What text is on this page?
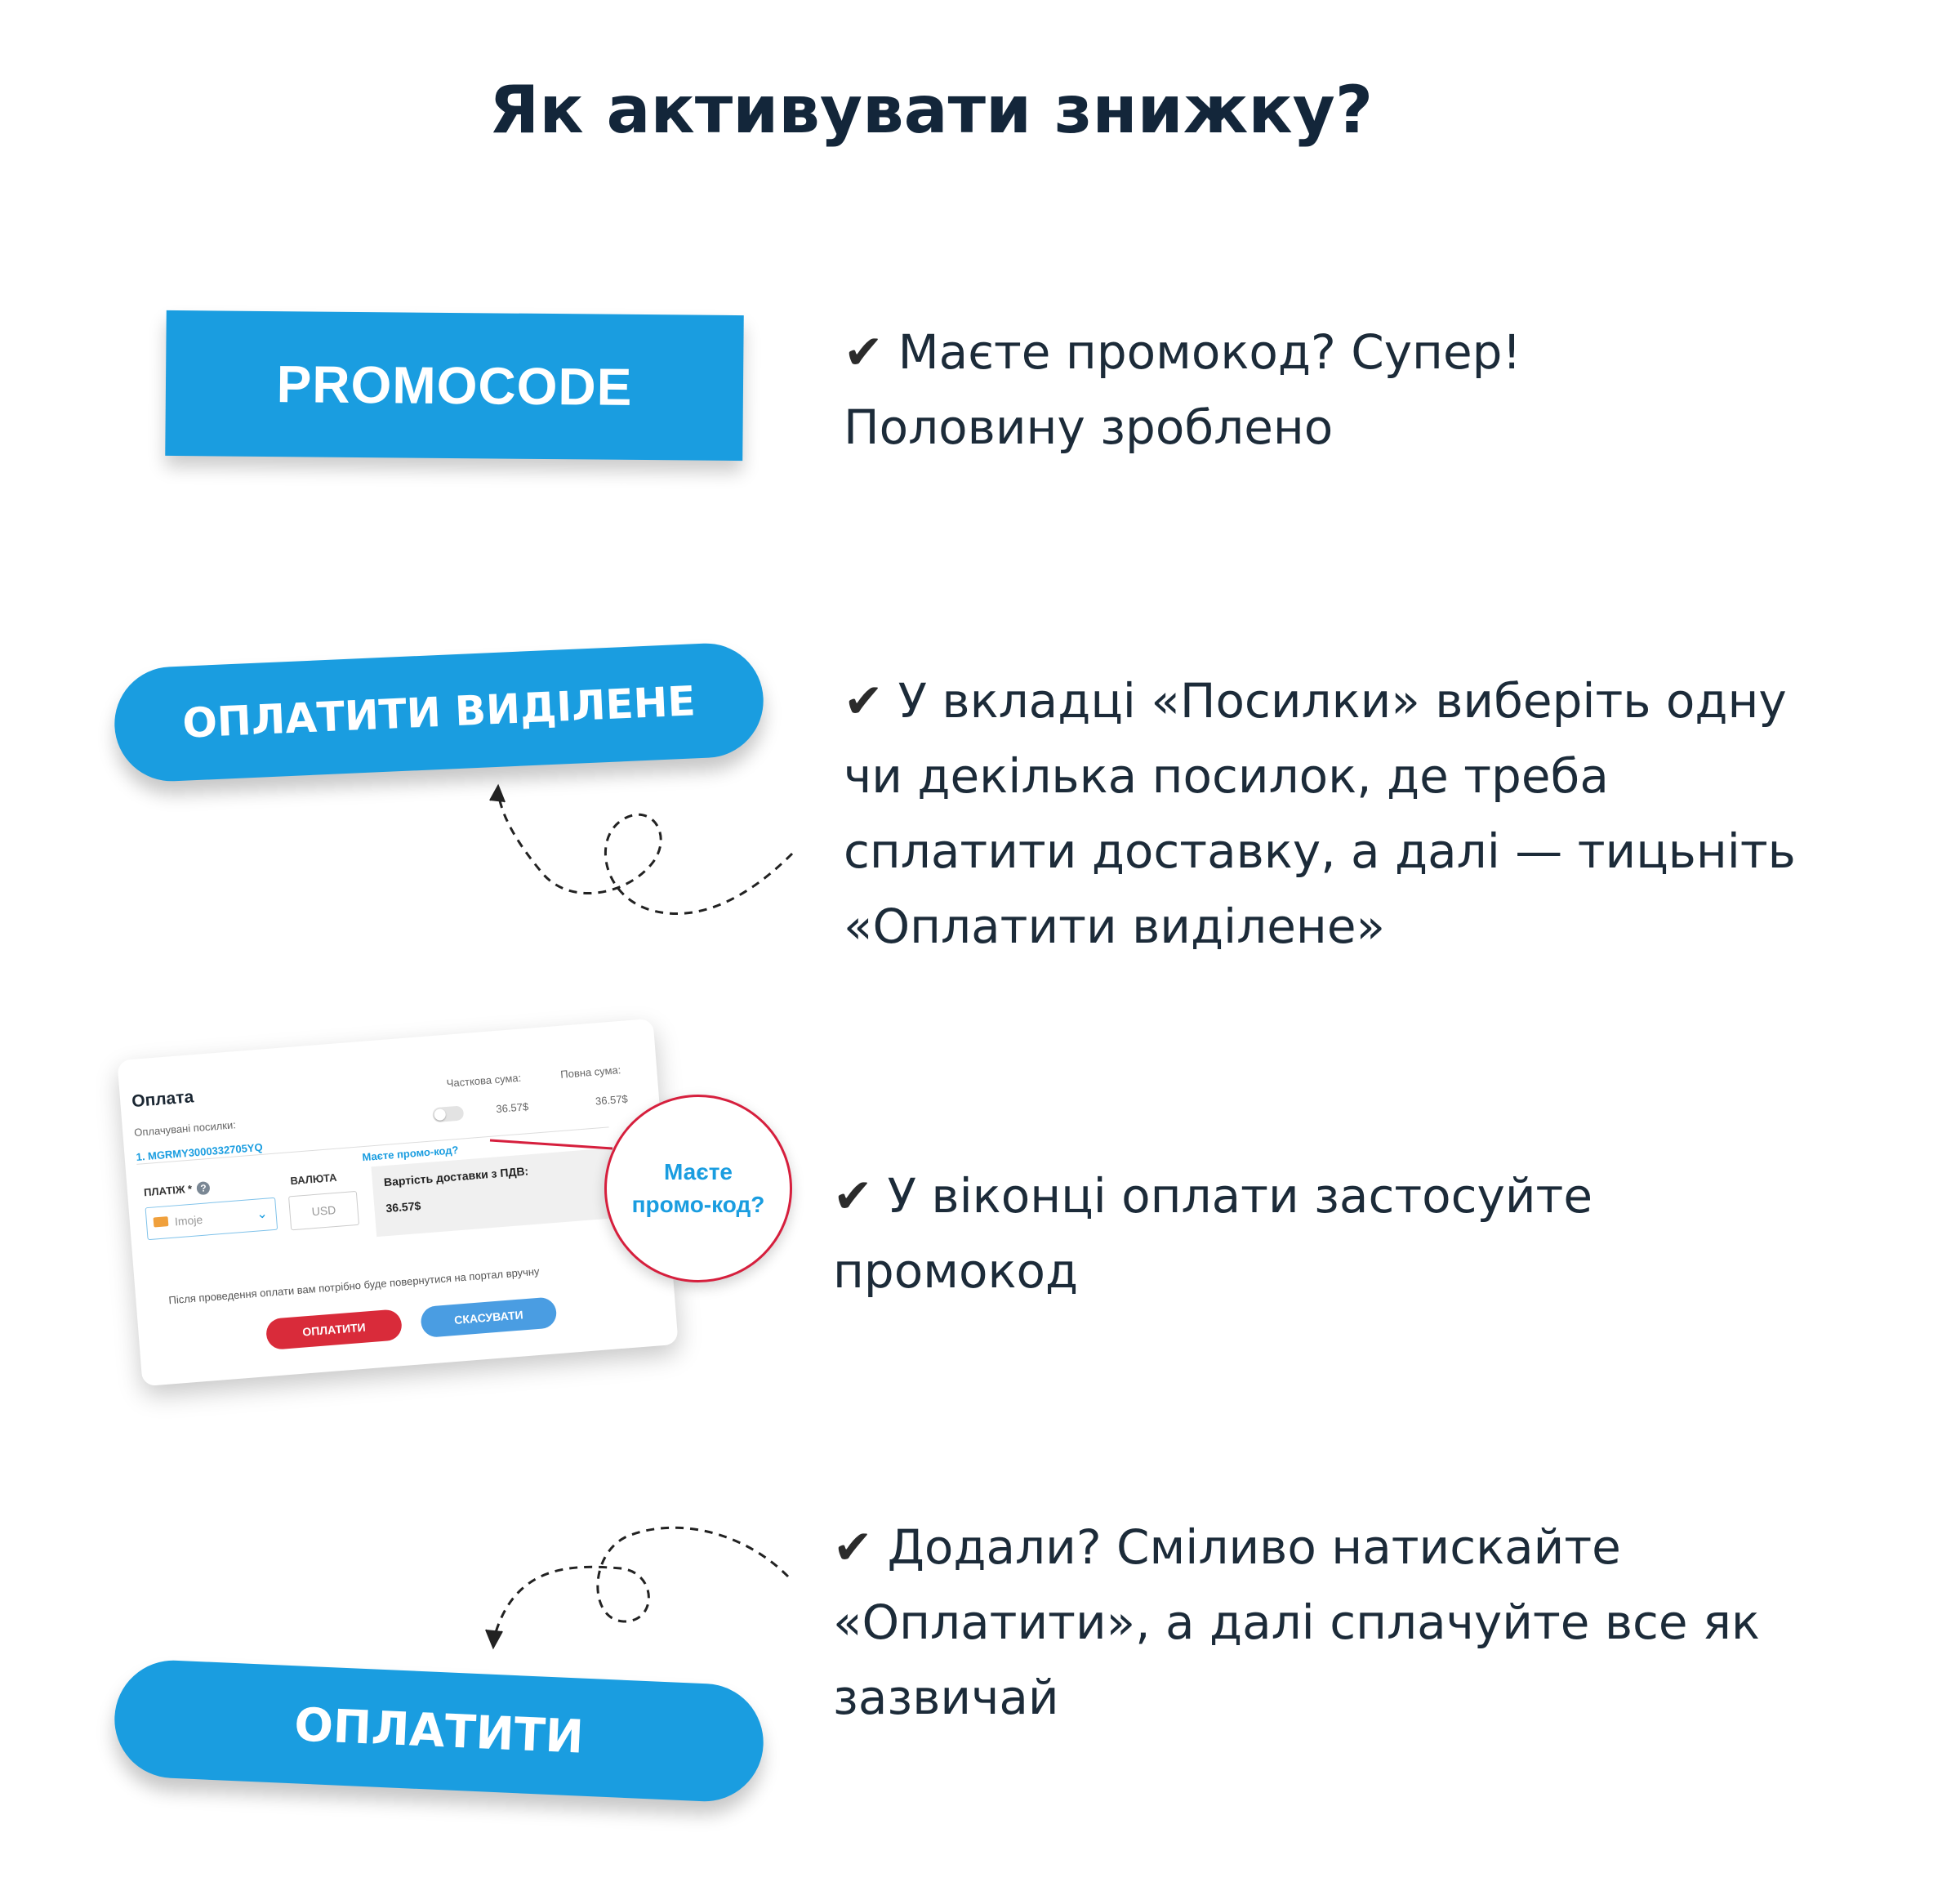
Як активувати знижку?
PROMOCODE
✔ Маєте промокод? Супер!
Половину зроблено
ОПЛАТИТИ ВИДІЛЕНЕ	✔ У вкладці «Посилки» виберіть одну
чи декілька посилок, де треба
сплатити доставку, а далі — тицьніть
«Оплатити виділене»
Оплата
Оплачувані посилки:
Часткова сума:	Повна сума:
36.57$
36.57$
1. MGRMY3000332705YQ	Маєте промо-код?
ПЛАТІЖ * ?
ВАЛЮТА
Imoje	⌄	USD
Вартість доставки з ПДВ:
36.57$
Після проведення оплати вам потрібно буде повернутися на портал вручну
ОПЛАТИТИ
СКАСУВАТИ
Маєте
промо-код?	✔ У віконці оплати застосуйте
промокод
ОПЛАТИТИ
✔ Додали? Сміливо натискайте
«Оплатити», а далі сплачуйте все як
зазвичай
